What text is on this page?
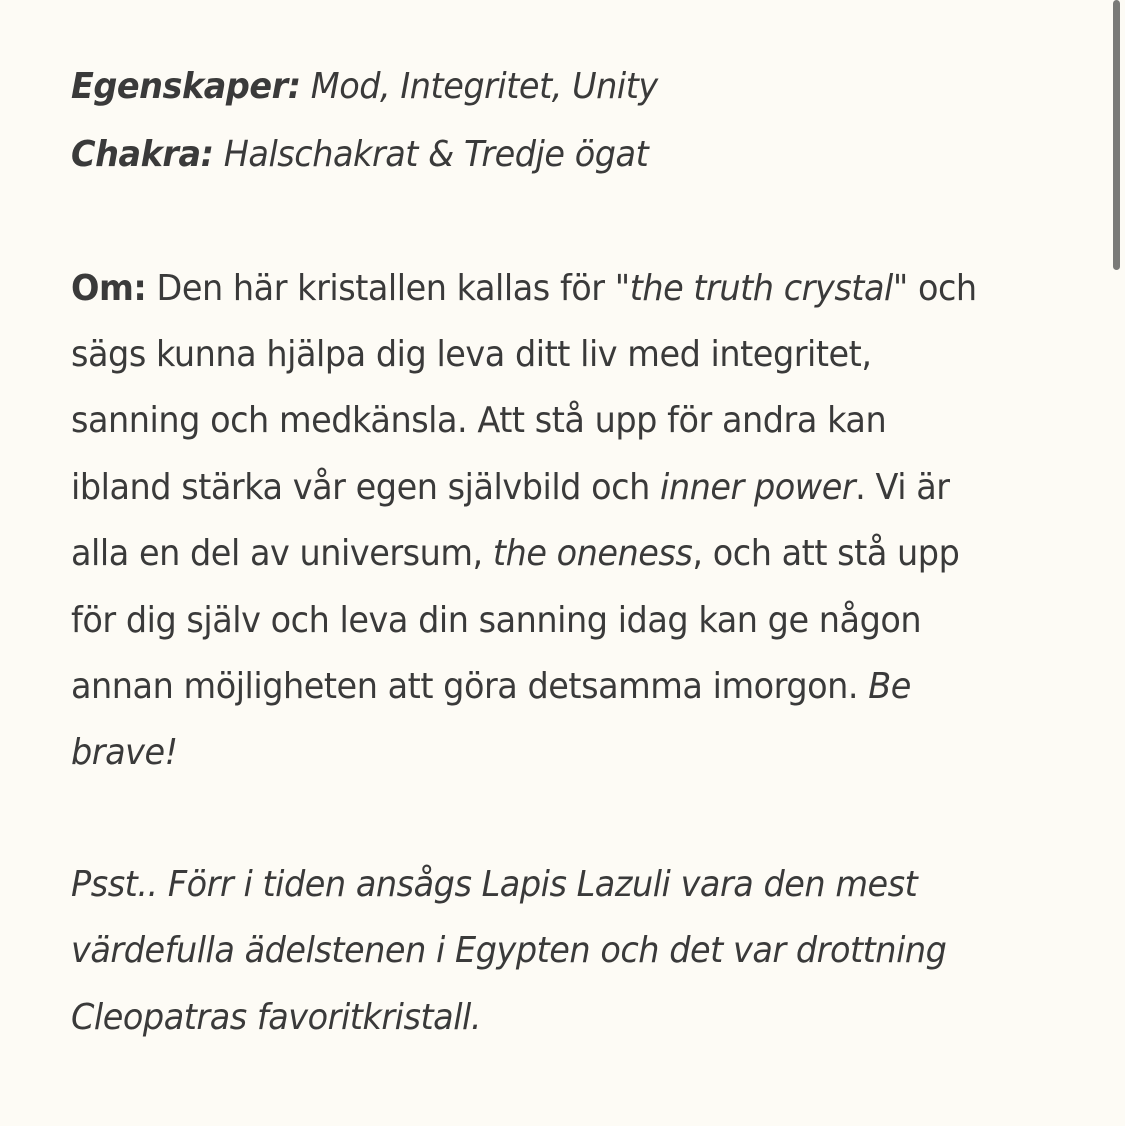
Egenskaper: Mod, Integritet, Unity
Chakra: Halschakrat & Tredje ögat
Om: Den här kristallen kallas för "the truth crystal" och
sägs kunna hjälpa dig leva ditt liv med integritet,
sanning och medkänsla. Att stå upp för andra kan
ibland stärka vår egen självbild och inner power. Vi är
alla en del av universum, the oneness, och att stå upp
för dig själv och leva din sanning idag kan ge någon
annan möjligheten att göra detsamma imorgon. Be
brave!
Psst.. Förr i tiden ansågs Lapis Lazuli vara den mest
värdefulla ädelstenen i Egypten och det var drottning
Cleopatras favoritkristall.
